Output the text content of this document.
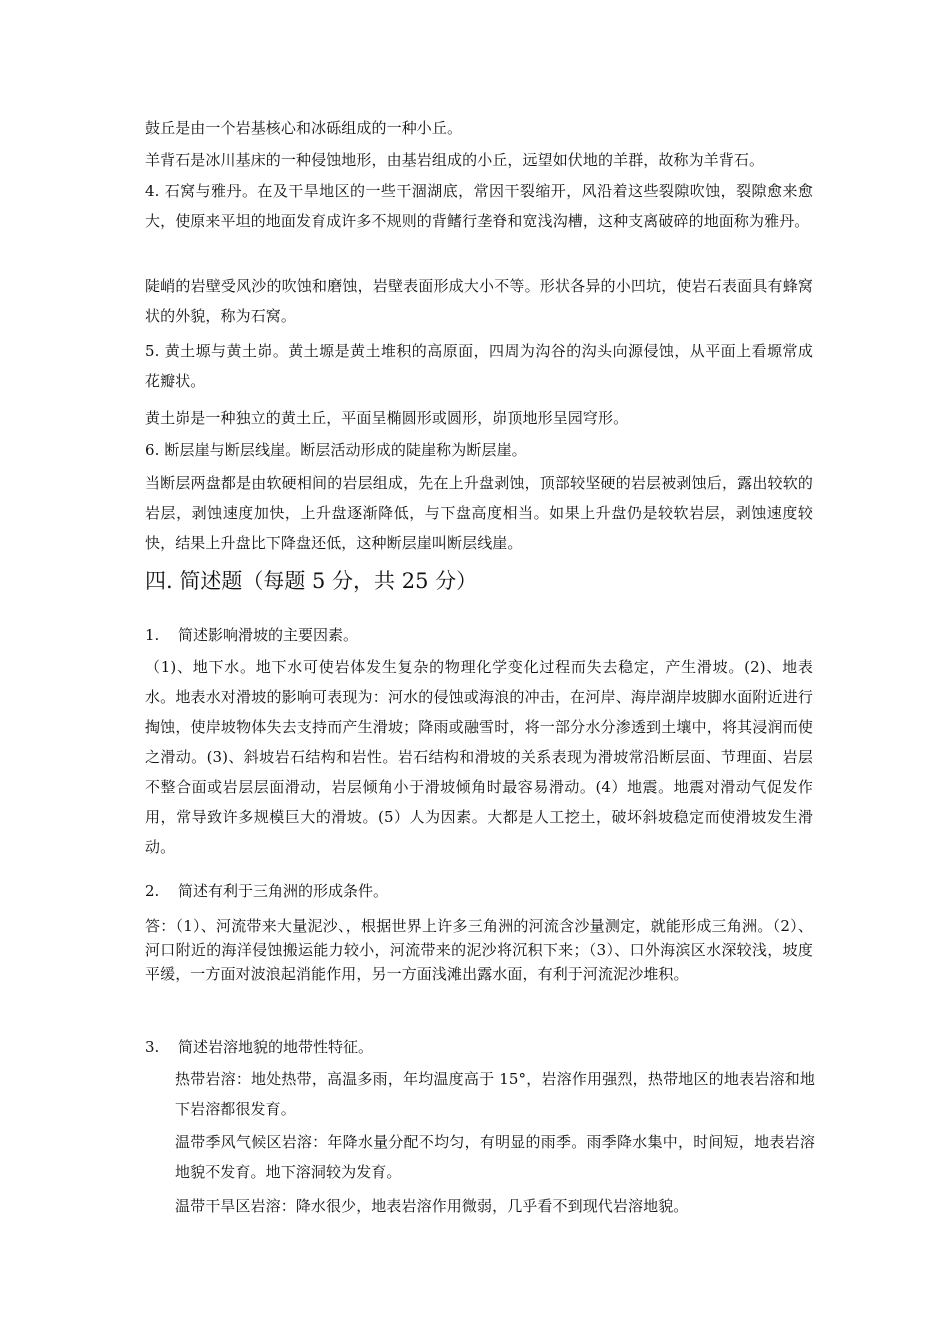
鼓丘是由一个岩基核心和冰砾组成的一种小丘。

羊背石是冰川基床的一种侵蚀地形，由基岩组成的小丘，远望如伏地的羊群，故称为羊背石。

4. 石窝与雅丹。在及干旱地区的一些干涸湖底，常因干裂缩开，风沿着这些裂隙吹蚀，裂隙愈来愈大，使原来平坦的地面发育成许多不规则的背鳍行垄脊和宽浅沟槽，这种支离破碎的地面称为雅丹。

陡峭的岩壁受风沙的吹蚀和磨蚀，岩壁表面形成大小不等。形状各异的小凹坑，使岩石表面具有蜂窝状的外貌，称为石窝。

5. 黄土塬与黄土峁。黄土塬是黄土堆积的高原面，四周为沟谷的沟头向源侵蚀，从平面上看塬常成花瓣状。

黄土峁是一种独立的黄土丘，平面呈椭圆形或圆形，峁顶地形呈园穹形。

6. 断层崖与断层线崖。断层活动形成的陡崖称为断层崖。

当断层两盘都是由软硬相间的岩层组成，先在上升盘剥蚀，顶部较坚硬的岩层被剥蚀后，露出较软的岩层，剥蚀速度加快，上升盘逐渐降低，与下盘高度相当。如果上升盘仍是较软岩层，剥蚀速度较快，结果上升盘比下降盘还低，这种断层崖叫断层线崖。

四. 简述题（每题 5 分，共 25 分）
1. 简述影响滑坡的主要因素。

（1)、地下水。地下水可使岩体发生复杂的物理化学变化过程而失去稳定，产生滑坡。(2)、地表水。地表水对滑坡的影响可表现为：河水的侵蚀或海浪的冲击，在河岸、海岸湖岸坡脚水面附近进行掏蚀，使岸坡物体失去支持而产生滑坡；降雨或融雪时，将一部分水分渗透到土壤中，将其浸润而使之滑动。(3)、斜坡岩石结构和岩性。岩石结构和滑坡的关系表现为滑坡常沿断层面、节理面、岩层不整合面或岩层层面滑动，岩层倾角小于滑坡倾角时最容易滑动。(4）地震。地震对滑动气促发作用，常导致许多规模巨大的滑坡。(5）人为因素。大都是人工挖土，破坏斜坡稳定而使滑坡发生滑动。

2. 简述有利于三角洲的形成条件。

答：（1）、河流带来大量泥沙、，根据世界上许多三角洲的河流含沙量测定，就能形成三角洲。（2）、河口附近的海洋侵蚀搬运能力较小，河流带来的泥沙将沉积下来；（3）、口外海滨区水深较浅，坡度平缓，一方面对波浪起消能作用，另一方面浅滩出露水面，有利于河流泥沙堆积。

3. 简述岩溶地貌的地带性特征。

热带岩溶：地处热带，高温多雨，年均温度高于 15°，岩溶作用强烈，热带地区的地表岩溶和地下岩溶都很发育。

温带季风气候区岩溶：年降水量分配不均匀，有明显的雨季。雨季降水集中，时间短，地表岩溶地貌不发育。地下溶洞较为发育。

温带干旱区岩溶：降水很少，地表岩溶作用微弱，几乎看不到现代岩溶地貌。
